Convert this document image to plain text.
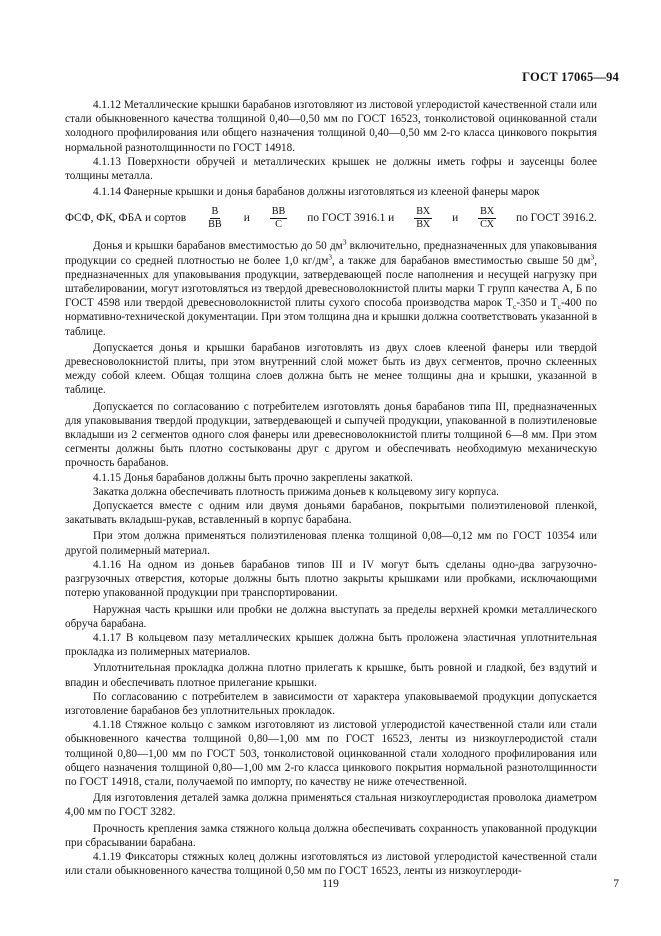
ГОСТ 17065—94

4.1.12 Металлические крышки барабанов изготовляют из листовой углеродистой качественной стали или стали обыкновенного качества толщиной 0,40—0,50 мм по ГОСТ 16523, тонколистовой оцинкованной стали холодного профилирования или общего назначения толщиной 0,40—0,50 мм 2-го класса цинкового покрытия нормальной разнотолщинности по ГОСТ 14918.

4.1.13 Поверхности обручей и металлических крышек не должны иметь гофры и заусенцы более толщины металла.

4.1.14 Фанерные крышки и донья барабанов должны изготовляться из клееной фанеры марок

ФСФ, ФК, ФБА и сортов $\frac{В}{ВВ}$ и $\frac{ВВ}{С}$ по ГОСТ 3916.1 и $\frac{ВХ}{ВХ}$ и $\frac{ВХ}{СХ}$ по ГОСТ 3916.2.

Донья и крышки барабанов вместимостью до 50 $дм^3$ включительно, предназначенных для упаковывания продукции со средней плотностью не более 1,0 $кг/дм^3$, а также для барабанов вместимостью свыше 50 $дм^3$, предназначенных для упаковывания продукции, затвердевающей после наполнения и несущей нагрузку при штабелировании, могут изготовляться из твердой древесноволокнистой плиты марки Т групп качества А, Б по ГОСТ 4598 или твердой древесноволокнистой плиты сухого способа производства марок $Т_с-350$ и $Т_с-400$ по нормативно-технической документации. При этом толщина дна и крышки должна соответствовать указанной в таблице.

Допускается донья и крышки барабанов изготовлять из двух слоев клееной фанеры или твердой древесноволокнистой плиты, при этом внутренний слой может быть из двух сегментов, прочно склеенных между собой клеем. Общая толщина слоев должна быть не менее толщины дна и крышки, указанной в таблице.

Допускается по согласованию с потребителем изготовлять донья барабанов типа III, предназначенных для упаковывания твердой продукции, затвердевающей и сыпучей продукции, упакованной в полиэтиленовые вкладыши из 2 сегментов одного слоя фанеры или древесноволокнистой плиты толщиной 6—8 мм. При этом сегменты должны быть плотно состыкованы друг с другом и обеспечивать необходимую механическую прочность барабанов.

4.1.15 Донья барабанов должны быть прочно закреплены закаткой.

Закатка должна обеспечивать плотность прижима доньев к кольцевому зигу корпуса.

Допускается вместе с одним или двумя доньями барабанов, покрытыми полиэтиленовой пленкой, закатывать вкладыш-рукав, вставленный в корпус барабана.

При этом должна применяться полиэтиленовая пленка толщиной 0,08—0,12 мм по ГОСТ 10354 или другой полимерный материал.

4.1.16 На одном из доньев барабанов типов III и IV могут быть сделаны одно-два загрузочно-разгрузочных отверстия, которые должны быть плотно закрыты крышками или пробками, исключающими потерю упакованной продукции при транспортировании.

Наружная часть крышки или пробки не должна выступать за пределы верхней кромки металлического обруча барабана.

4.1.17 В кольцевом пазу металлических крышек должна быть проложена эластичная уплотнительная прокладка из полимерных материалов.

Уплотнительная прокладка должна плотно прилегать к крышке, быть ровной и гладкой, без вздутий и впадин и обеспечивать плотное прилегание крышки.

По согласованию с потребителем в зависимости от характера упаковываемой продукции допускается изготовление барабанов без уплотнительных прокладок.

4.1.18 Стяжное кольцо с замком изготовляют из листовой углеродистой качественной стали или стали обыкновенного качества толщиной 0,80—1,00 мм по ГОСТ 16523, ленты из низкоуглеродистой стали толщиной 0,80—1,00 мм по ГОСТ 503, тонколистовой оцинкованной стали холодного профилирования или общего назначения толщиной 0,80—1,00 мм 2-го класса цинкового покрытия нормальной разнотолщинности по ГОСТ 14918, стали, получаемой по импорту, по качеству не ниже отечественной.

Для изготовления деталей замка должна применяться стальная низкоуглеродистая проволока диаметром 4,00 мм по ГОСТ 3282.

Прочность крепления замка стяжного кольца должна обеспечивать сохранность упакованной продукции при сбрасывании барабана.

4.1.19 Фиксаторы стяжных колец должны изготовляться из листовой углеродистой качественной стали или стали обыкновенного качества толщиной 0,50 мм по ГОСТ 16523, ленты из низкоуглероди-

119	7
